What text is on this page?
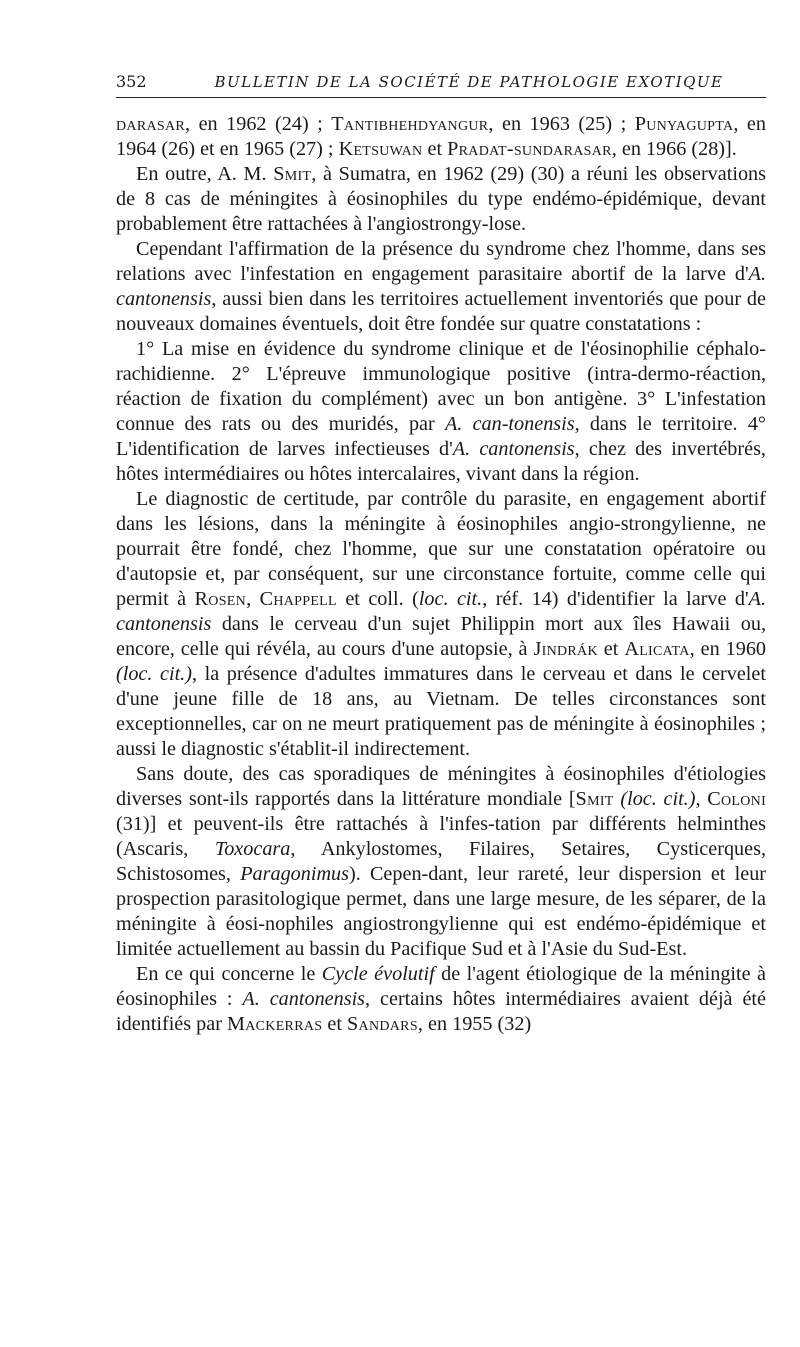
352	BULLETIN DE LA SOCIÉTÉ DE PATHOLOGIE EXOTIQUE

darasar, en 1962 (24) ; Tantibhehdyangur, en 1963 (25) ; Punyagupta, en 1964 (26) et en 1965 (27) ; Ketsuwan et Pradat-sundarasar, en 1966 (28)].

En outre, A. M. Smit, à Sumatra, en 1962 (29) (30) a réuni les observations de 8 cas de méningites à éosinophiles du type endémo-épidémique, devant probablement être rattachées à l'angiostrongy-lose.

Cependant l'affirmation de la présence du syndrome chez l'homme, dans ses relations avec l'infestation en engagement parasitaire abortif de la larve d'A. cantonensis, aussi bien dans les territoires actuellement inventoriés que pour de nouveaux domaines éventuels, doit être fondée sur quatre constatations :

1° La mise en évidence du syndrome clinique et de l'éosinophilie céphalo-rachidienne. 2° L'épreuve immunologique positive (intra-dermo-réaction, réaction de fixation du complément) avec un bon antigène. 3° L'infestation connue des rats ou des muridés, par A. can-tonensis, dans le territoire. 4° L'identification de larves infectieuses d'A. cantonensis, chez des invertébrés, hôtes intermédiaires ou hôtes intercalaires, vivant dans la région.

Le diagnostic de certitude, par contrôle du parasite, en engagement abortif dans les lésions, dans la méningite à éosinophiles angio-strongylienne, ne pourrait être fondé, chez l'homme, que sur une constatation opératoire ou d'autopsie et, par conséquent, sur une circonstance fortuite, comme celle qui permit à Rosen, Chappell et coll. (loc. cit., réf. 14) d'identifier la larve d'A. cantonensis dans le cerveau d'un sujet Philippin mort aux îles Hawaii ou, encore, celle qui révéla, au cours d'une autopsie, à Jindrák et Alicata, en 1960 (loc. cit.), la présence d'adultes immatures dans le cerveau et dans le cervelet d'une jeune fille de 18 ans, au Vietnam. De telles circonstances sont exceptionnelles, car on ne meurt pratiquement pas de méningite à éosinophiles ; aussi le diagnostic s'établit-il indirectement.

Sans doute, des cas sporadiques de méningites à éosinophiles d'étiologies diverses sont-ils rapportés dans la littérature mondiale [Smit (loc. cit.), Coloni (31)] et peuvent-ils être rattachés à l'infes-tation par différents helminthes (Ascaris, Toxocara, Ankylostomes, Filaires, Setaires, Cysticerques, Schistosomes, Paragonimus). Cepen-dant, leur rareté, leur dispersion et leur prospection parasitologique permet, dans une large mesure, de les séparer, de la méningite à éosi-nophiles angiostrongylienne qui est endémo-épidémique et limitée actuellement au bassin du Pacifique Sud et à l'Asie du Sud-Est.

En ce qui concerne le Cycle évolutif de l'agent étiologique de la méningite à éosinophiles : A. cantonensis, certains hôtes intermédiaires avaient déjà été identifiés par Mackerras et Sandars, en 1955 (32)
